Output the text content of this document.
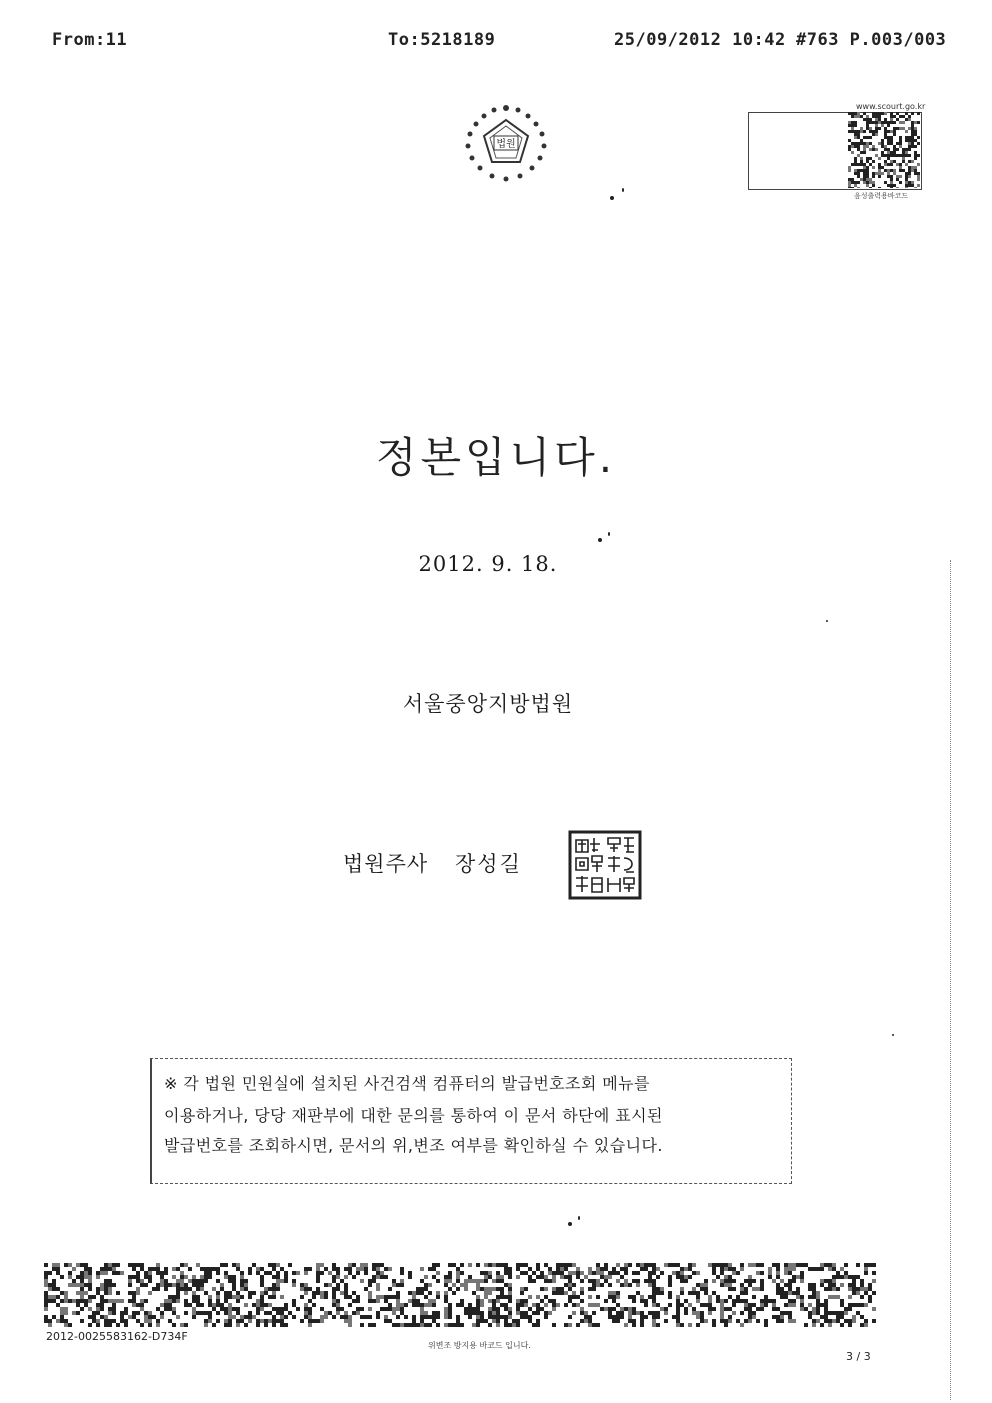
From:11	To:5218189	25/09/2012 10:42 #763 P.003/003
법원
www.scourt.go.kr
음성출력용바코드
정본입니다.
2012. 9. 18.
서울중앙지방법원
법원주사 장성길
※ 각 법원 민원실에 설치된 사건검색 컴퓨터의 발급번호조회 메뉴를
이용하거나, 당당 재판부에 대한 문의를 통하여 이 문서 하단에 표시된
발급번호를 조회하시면, 문서의 위,변조 여부를 확인하실 수 있습니다.
2012-0025583162-D734F
위변조 방지용 바코드 입니다.
3 / 3
